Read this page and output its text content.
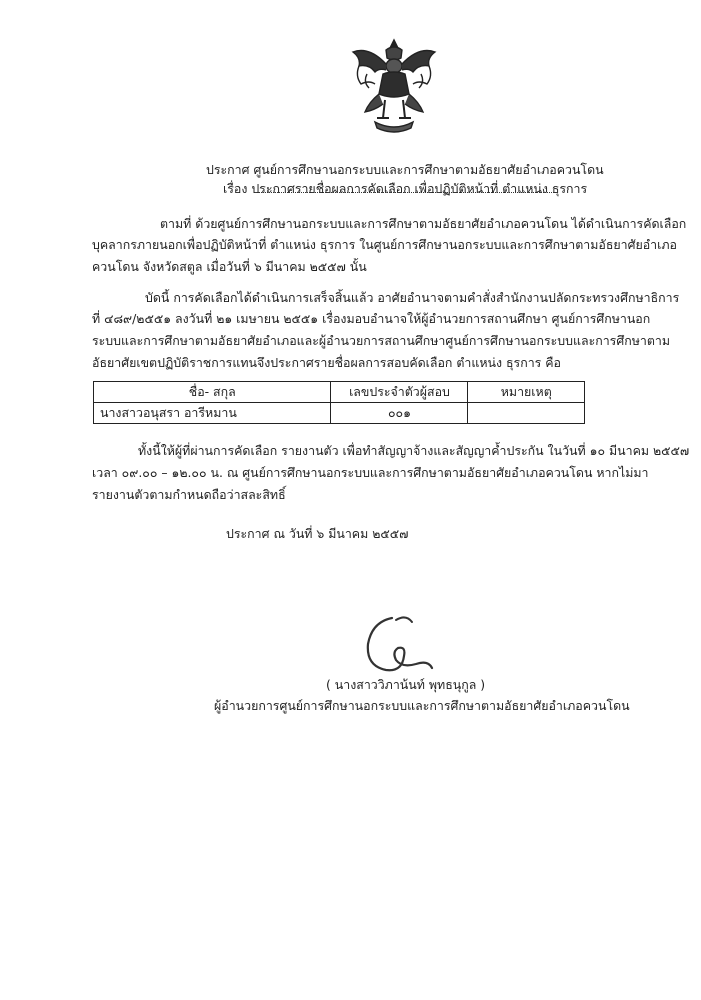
ประกาศ ศูนย์การศึกษานอกระบบและการศึกษาตามอัธยาศัยอำเภอควนโดน
เรื่อง ประกาศรายชื่อผลการคัดเลือก เพื่อปฏิบัติหน้าที่ ตำแหน่ง ธุรการ
ตามที่ ด้วยศูนย์การศึกษานอกระบบและการศึกษาตามอัธยาศัยอำเภอควนโดน ได้ดำเนินการคัดเลือก
บุคลากรภายนอกเพื่อปฏิบัติหน้าที่ ตำแหน่ง ธุรการ ในศูนย์การศึกษานอกระบบและการศึกษาตามอัธยาศัยอำเภอ
ควนโดน จังหวัดสตูล เมื่อวันที่ ๖ มีนาคม ๒๕๕๗ นั้น
บัดนี้ การคัดเลือกได้ดำเนินการเสร็จสิ้นแล้ว อาศัยอำนาจตามคำสั่งสำนักงานปลัดกระทรวงศึกษาธิการ
ที่ ๔๘๙/๒๕๕๑ ลงวันที่ ๒๑ เมษายน ๒๕๕๑ เรื่องมอบอำนาจให้ผู้อำนวยการสถานศึกษา ศูนย์การศึกษานอก
ระบบและการศึกษาตามอัธยาศัยอำเภอและผู้อำนวยการสถานศึกษาศูนย์การศึกษานอกระบบและการศึกษาตาม
อัธยาศัยเขตปฏิบัติราชการแทนจึงประกาศรายชื่อผลการสอบคัดเลือก ตำแหน่ง ธุรการ คือ
ชื่อ- สกุล	เลขประจำตัวผู้สอบ	หมายเหตุ
นางสาวอนุสรา อารีหมาน	๐๐๑	
ทั้งนี้ให้ผู้ที่ผ่านการคัดเลือก รายงานตัว เพื่อทำสัญญาจ้างและสัญญาค้ำประกัน ในวันที่ ๑๐ มีนาคม ๒๕๕๗
เวลา ๐๙.๐๐ – ๑๒.๐๐ น. ณ ศูนย์การศึกษานอกระบบและการศึกษาตามอัธยาศัยอำเภอควนโดน หากไม่มา
รายงานตัวตามกำหนดถือว่าสละสิทธิ์
ประกาศ ณ วันที่ ๖ มีนาคม ๒๕๕๗
( นางสาววิภาน้นท์ พุทธนุกูล )
ผู้อำนวยการศูนย์การศึกษานอกระบบและการศึกษาตามอัธยาศัยอำเภอควนโดน
